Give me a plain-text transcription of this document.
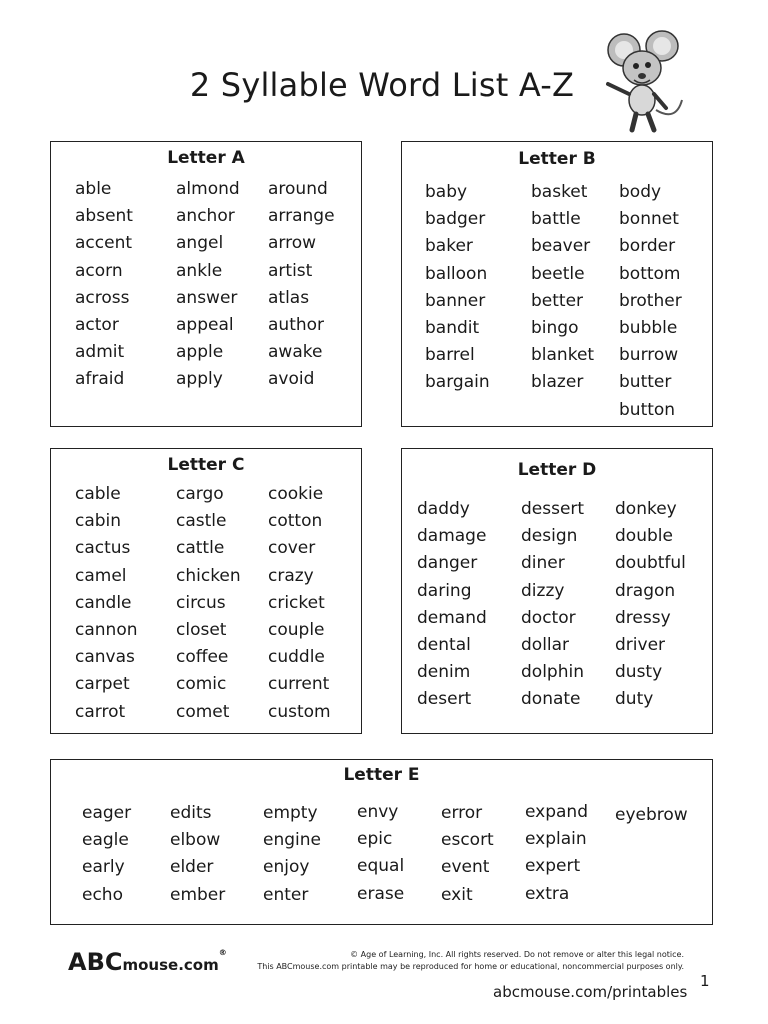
2 Syllable Word List A-Z
Letter A
able
absent
accent
acorn
across
actor
admit
afraid
almond
anchor
angel
ankle
answer
appeal
apple
apply
around
arrange
arrow
artist
atlas
author
awake
avoid
Letter B
baby
badger
baker
balloon
banner
bandit
barrel
bargain
basket
battle
beaver
beetle
better
bingo
blanket
blazer
body
bonnet
border
bottom
brother
bubble
burrow
butter
button
Letter C
cable
cabin
cactus
camel
candle
cannon
canvas
carpet
carrot
cargo
castle
cattle
chicken
circus
closet
coffee
comic
comet
cookie
cotton
cover
crazy
cricket
couple
cuddle
current
custom
Letter D
daddy
damage
danger
daring
demand
dental
denim
desert
dessert
design
diner
dizzy
doctor
dollar
dolphin
donate
donkey
double
doubtful
dragon
dressy
driver
dusty
duty
Letter E
eager
eagle
early
echo
edits
elbow
elder
ember
empty
engine
enjoy
enter
envy
epic
equal
erase
error
escort
event
exit
expand
explain
expert
extra
eyebrow
ABCmouse.com®	© Age of Learning, Inc. All rights reserved. Do not remove or alter this legal notice.
This ABCmouse.com printable may be reproduced for home or educational, noncommercial purposes only.
1
abcmouse.com/printables
